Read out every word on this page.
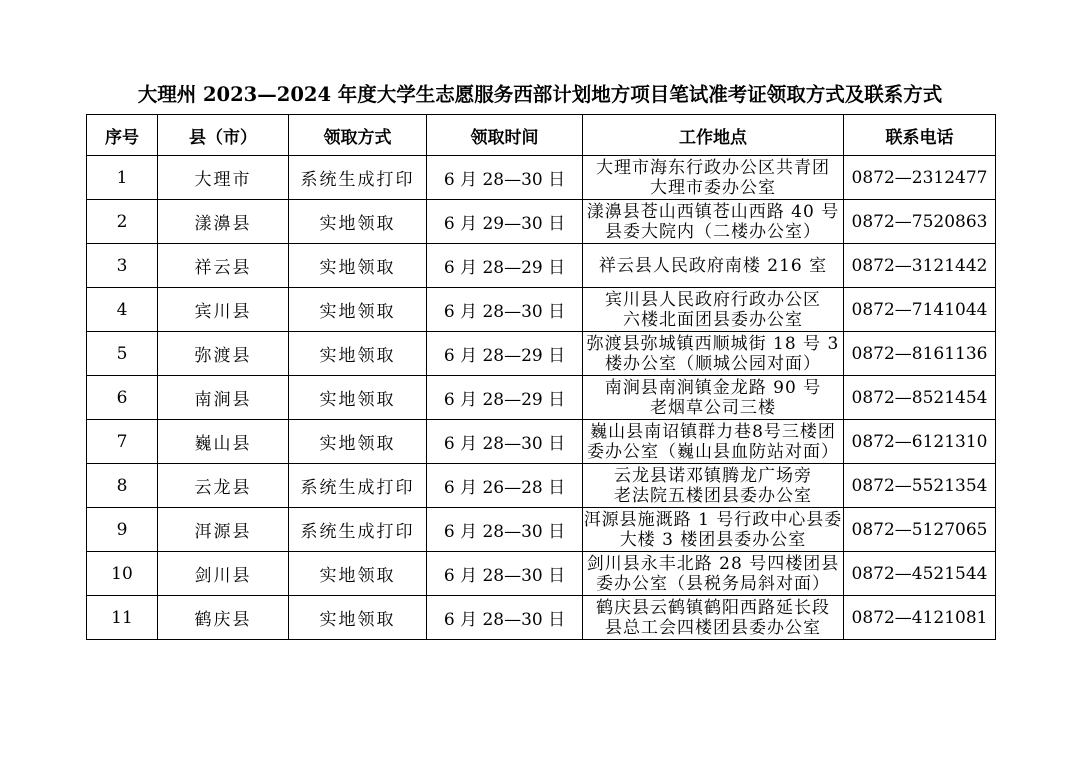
大理州 2023—2024 年度大学生志愿服务西部计划地方项目笔试准考证领取方式及联系方式
序号	县（市）	领取方式	领取时间	工作地点	联系电话
1	大理市	系统生成打印	6 月 28—30 日	大理市海东行政办公区共青团
大理市委办公室	0872—2312477
2	漾濞县	实地领取	6 月 29—30 日	漾濞县苍山西镇苍山西路 40 号
县委大院内（二楼办公室）	0872—7520863
3	祥云县	实地领取	6 月 28—29 日	祥云县人民政府南楼 216 室	0872—3121442
4	宾川县	实地领取	6 月 28—30 日	宾川县人民政府行政办公区
六楼北面团县委办公室	0872—7141044
5	弥渡县	实地领取	6 月 28—29 日	弥渡县弥城镇西顺城街 18 号 3
楼办公室（顺城公园对面）	0872—8161136
6	南涧县	实地领取	6 月 28—29 日	南涧县南涧镇金龙路 90 号
老烟草公司三楼	0872—8521454
7	巍山县	实地领取	6 月 28—30 日	巍山县南诏镇群力巷8号三楼团
委办公室（巍山县血防站对面）	0872—6121310
8	云龙县	系统生成打印	6 月 26—28 日	云龙县诺邓镇腾龙广场旁
老法院五楼团县委办公室	0872—5521354
9	洱源县	系统生成打印	6 月 28—30 日	洱源县施溉路 1 号行政中心县委
大楼 3 楼团县委办公室	0872—5127065
10	剑川县	实地领取	6 月 28—30 日	剑川县永丰北路 28 号四楼团县
委办公室（县税务局斜对面）	0872—4521544
11	鹤庆县	实地领取	6 月 28—30 日	鹤庆县云鹤镇鹤阳西路延长段
县总工会四楼团县委办公室	0872—4121081
